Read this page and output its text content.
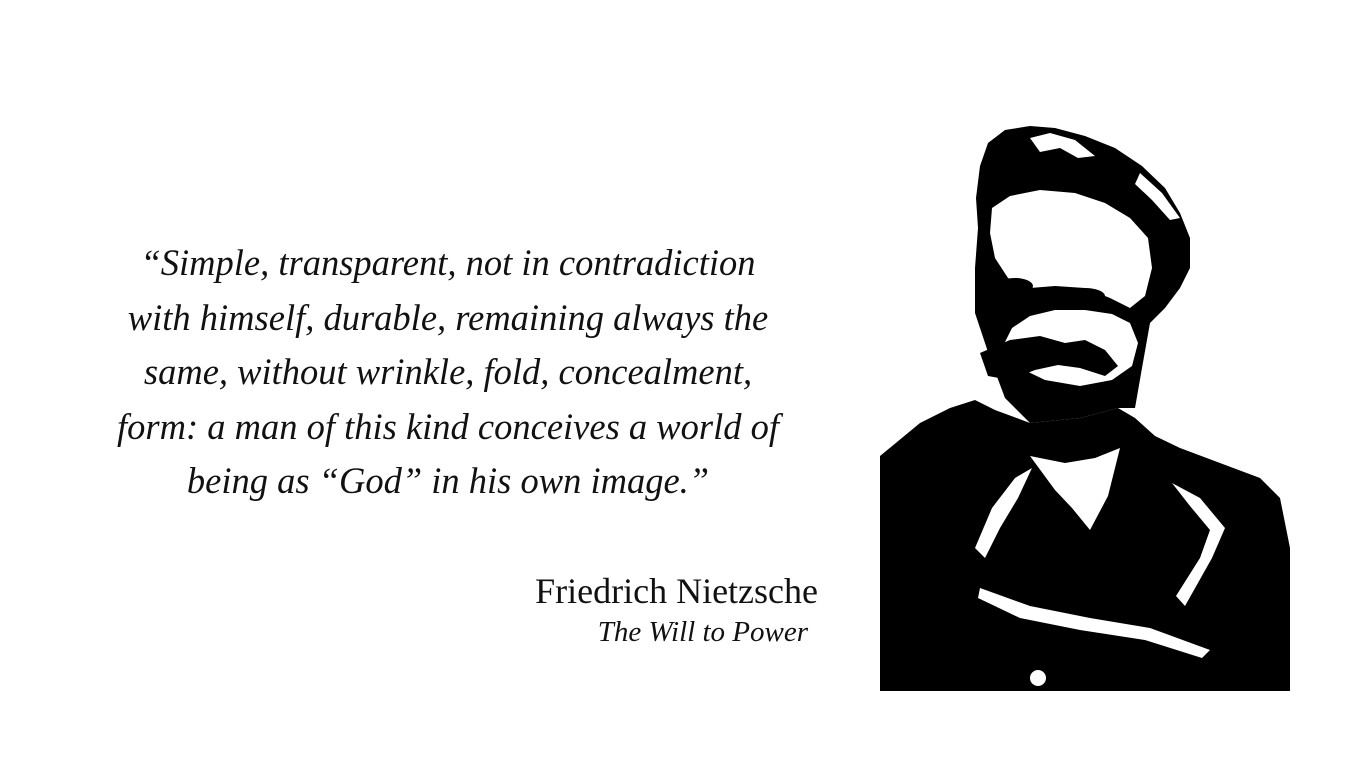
“Simple, transparent, not in contradiction
with himself, durable, remaining always the
same, without wrinkle, fold, concealment,
form: a man of this kind conceives a world of
being as “God” in his own image.”
Friedrich Nietzsche
The Will to Power
